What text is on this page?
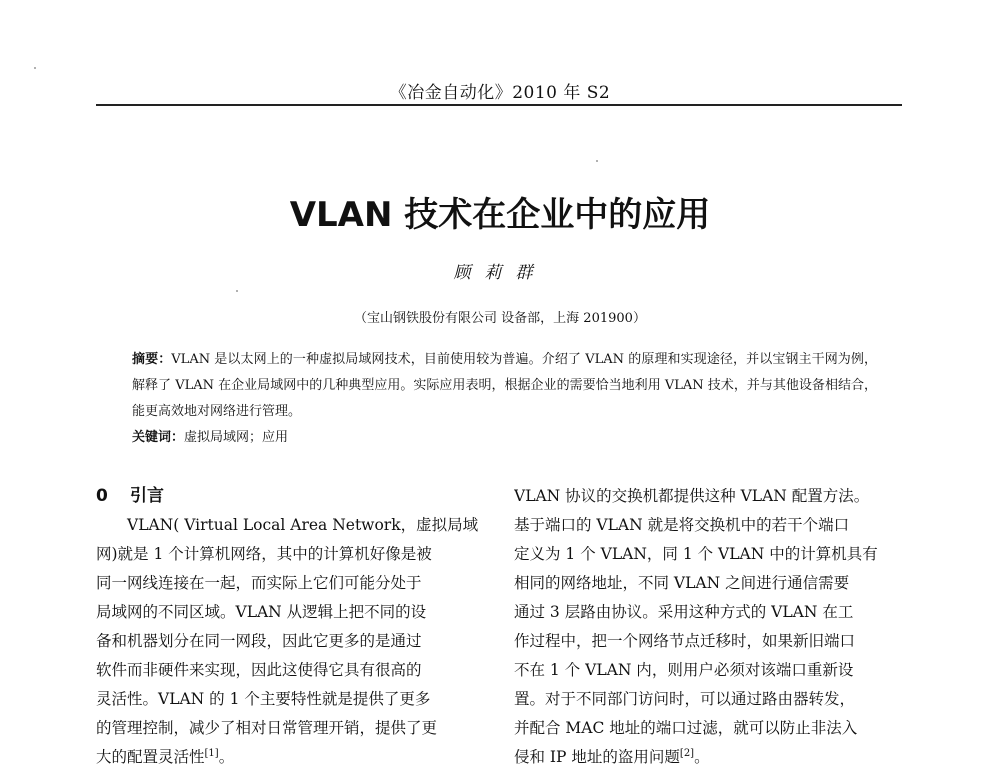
《冶金自动化》2010 年 S2
VLAN 技术在企业中的应用
顾莉群
（宝山钢铁股份有限公司 设备部，上海 201900）
摘要：VLAN 是以太网上的一种虚拟局域网技术，目前使用较为普遍。介绍了 VLAN 的原理和实现途径，并以宝钢主干网为例，解释了 VLAN 在企业局域网中的几种典型应用。实际应用表明，根据企业的需要恰当地利用 VLAN 技术，并与其他设备相结合，能更高效地对网络进行管理。
关键词：虚拟局域网；应用
0 引言
VLAN( Virtual Local Area Network，虚拟局域
网)就是 1 个计算机网络，其中的计算机好像是被
同一网线连接在一起，而实际上它们可能分处于
局域网的不同区域。VLAN 从逻辑上把不同的设
备和机器划分在同一网段，因此它更多的是通过
软件而非硬件来实现，因此这使得它具有很高的
灵活性。VLAN 的 1 个主要特性就是提供了更多
的管理控制，减少了相对日常管理开销，提供了更
大的配置灵活性[1]。
VLAN 协议的交换机都提供这种 VLAN 配置方法。
基于端口的 VLAN 就是将交换机中的若干个端口
定义为 1 个 VLAN，同 1 个 VLAN 中的计算机具有
相同的网络地址，不同 VLAN 之间进行通信需要
通过 3 层路由协议。采用这种方式的 VLAN 在工
作过程中，把一个网络节点迁移时，如果新旧端口
不在 1 个 VLAN 内，则用户必须对该端口重新设
置。对于不同部门访问时，可以通过路由器转发，
并配合 MAC 地址的端口过滤，就可以防止非法入
侵和 IP 地址的盗用问题[2]。
